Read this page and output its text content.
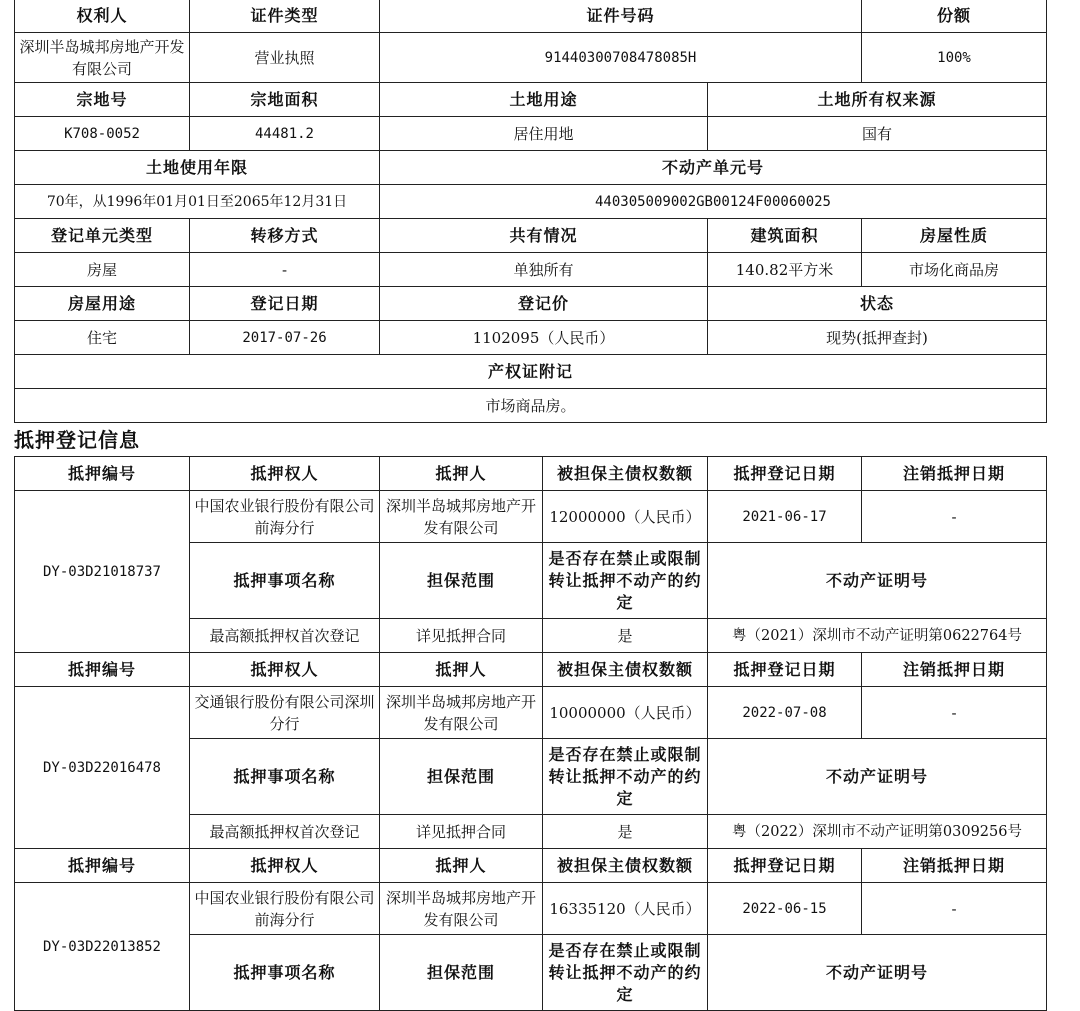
权利人	证件类型	证件号码		份额
深圳半岛城邦房地产开发有限公司	营业执照	91440300708478085H		100%
宗地号	宗地面积	土地用途	土地所有权来源	
K708-0052	44481.2	居住用地	国有	
土地使用年限		不动产单元号		
70年，从1996年01月01日至2065年12月31日		440305009002GB00124F00060025		
登记单元类型	转移方式	共有情况	建筑面积	房屋性质
房屋	-	单独所有	140.82平方米	市场化商品房
房屋用途	登记日期	登记价	状态	
住宅	2017-07-26	1102095（人民币）	现势(抵押查封)	
产权证附记				
市场商品房。				
抵押登记信息
抵押编号	抵押权人	抵押人	被担保主债权数额	抵押登记日期	注销抵押日期
DY-03D21018737	中国农业银行股份有限公司前海分行	深圳半岛城邦房地产开发有限公司	12000000（人民币）	2021-06-17	-
	抵押事项名称	担保范围	是否存在禁止或限制转让抵押不动产的约定	不动产证明号	
	最高额抵押权首次登记	详见抵押合同	是	粤（2021）深圳市不动产证明第0622764号	
抵押编号	抵押权人	抵押人	被担保主债权数额	抵押登记日期	注销抵押日期
DY-03D22016478	交通银行股份有限公司深圳分行	深圳半岛城邦房地产开发有限公司	10000000（人民币）	2022-07-08	-
	抵押事项名称	担保范围	是否存在禁止或限制转让抵押不动产的约定	不动产证明号	
	最高额抵押权首次登记	详见抵押合同	是	粤（2022）深圳市不动产证明第0309256号	
抵押编号	抵押权人	抵押人	被担保主债权数额	抵押登记日期	注销抵押日期
DY-03D22013852	中国农业银行股份有限公司前海分行	深圳半岛城邦房地产开发有限公司	16335120（人民币）	2022-06-15	-
	抵押事项名称	担保范围	是否存在禁止或限制转让抵押不动产的约定	不动产证明号	
